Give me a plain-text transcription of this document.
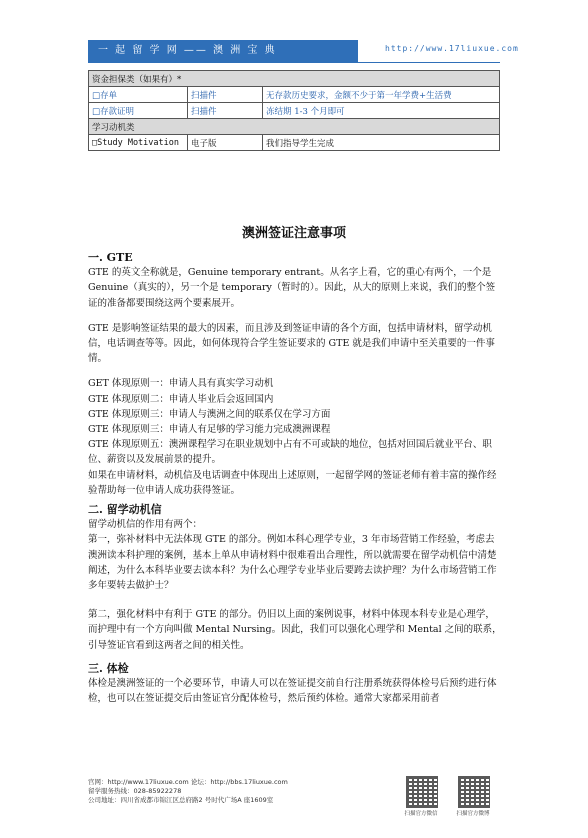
一 起 留 学 网 —— 澳 洲 宝 典	http://www.17liuxue.com
资金担保类（如果有）*		
□存单	扫描件	无存款历史要求，金额不少于第一年学费+生活费
□存款证明	扫描件	冻结期 1-3 个月即可
学习动机类		
□Study Motivation	电子版	我们指导学生完成
澳洲签证注意事项

一. GTE

GTE 的英文全称就是，Genuine temporary entrant。从名字上看，它的重心有两个，一个是 Genuine（真实的），另一个是 temporary（暂时的）。因此，从大的原则上来说，我们的整个签证的准备都要围绕这两个要素展开。

GTE 是影响签证结果的最大的因素，而且涉及到签证申请的各个方面，包括申请材料，留学动机信，电话调查等等。因此，如何体现符合学生签证要求的 GTE 就是我们申请中至关重要的一件事情。

GET 体现原则一：申请人具有真实学习动机

GTE 体现原则二：申请人毕业后会返回国内

GTE 体现原则三：申请人与澳洲之间的联系仅在学习方面

GTE 体现原则三：申请人有足够的学习能力完成澳洲课程

GTE 体现原则五：澳洲课程学习在职业规划中占有不可或缺的地位，包括对回国后就业平台、职位、薪资以及发展前景的提升。

如果在申请材料，动机信及电话调查中体现出上述原则，一起留学网的签证老师有着丰富的操作经验帮助每一位申请人成功获得签证。

二. 留学动机信

留学动机信的作用有两个：

第一，弥补材料中无法体现 GTE 的部分。例如本科心理学专业，3 年市场营销工作经验，考虑去澳洲读本科护理的案例，基本上单从申请材料中很难看出合理性，所以就需要在留学动机信中清楚阐述，为什么本科毕业要去读本科？为什么心理学专业毕业后要跨去读护理？为什么市场营销工作多年要转去做护士？

第二，强化材料中有利于 GTE 的部分。仍旧以上面的案例说事，材料中体现本科专业是心理学，而护理中有一个方向叫做 Mental Nursing。因此，我们可以强化心理学和 Mental 之间的联系，引导签证官看到这两者之间的相关性。

三. 体检

体检是澳洲签证的一个必要环节，申请人可以在签证提交前自行注册系统获得体检号后预约进行体检，也可以在签证提交后由签证官分配体检号，然后预约体检。通常大家都采用前者

官网：http://www.17liuxue.com 论坛：http://bbs.17liuxue.com
留学服务热线：028-85922278
公司地址：四川省成都市锦江区总府路2 号时代广场A 座1609室
扫描官方微信	扫描官方微博
